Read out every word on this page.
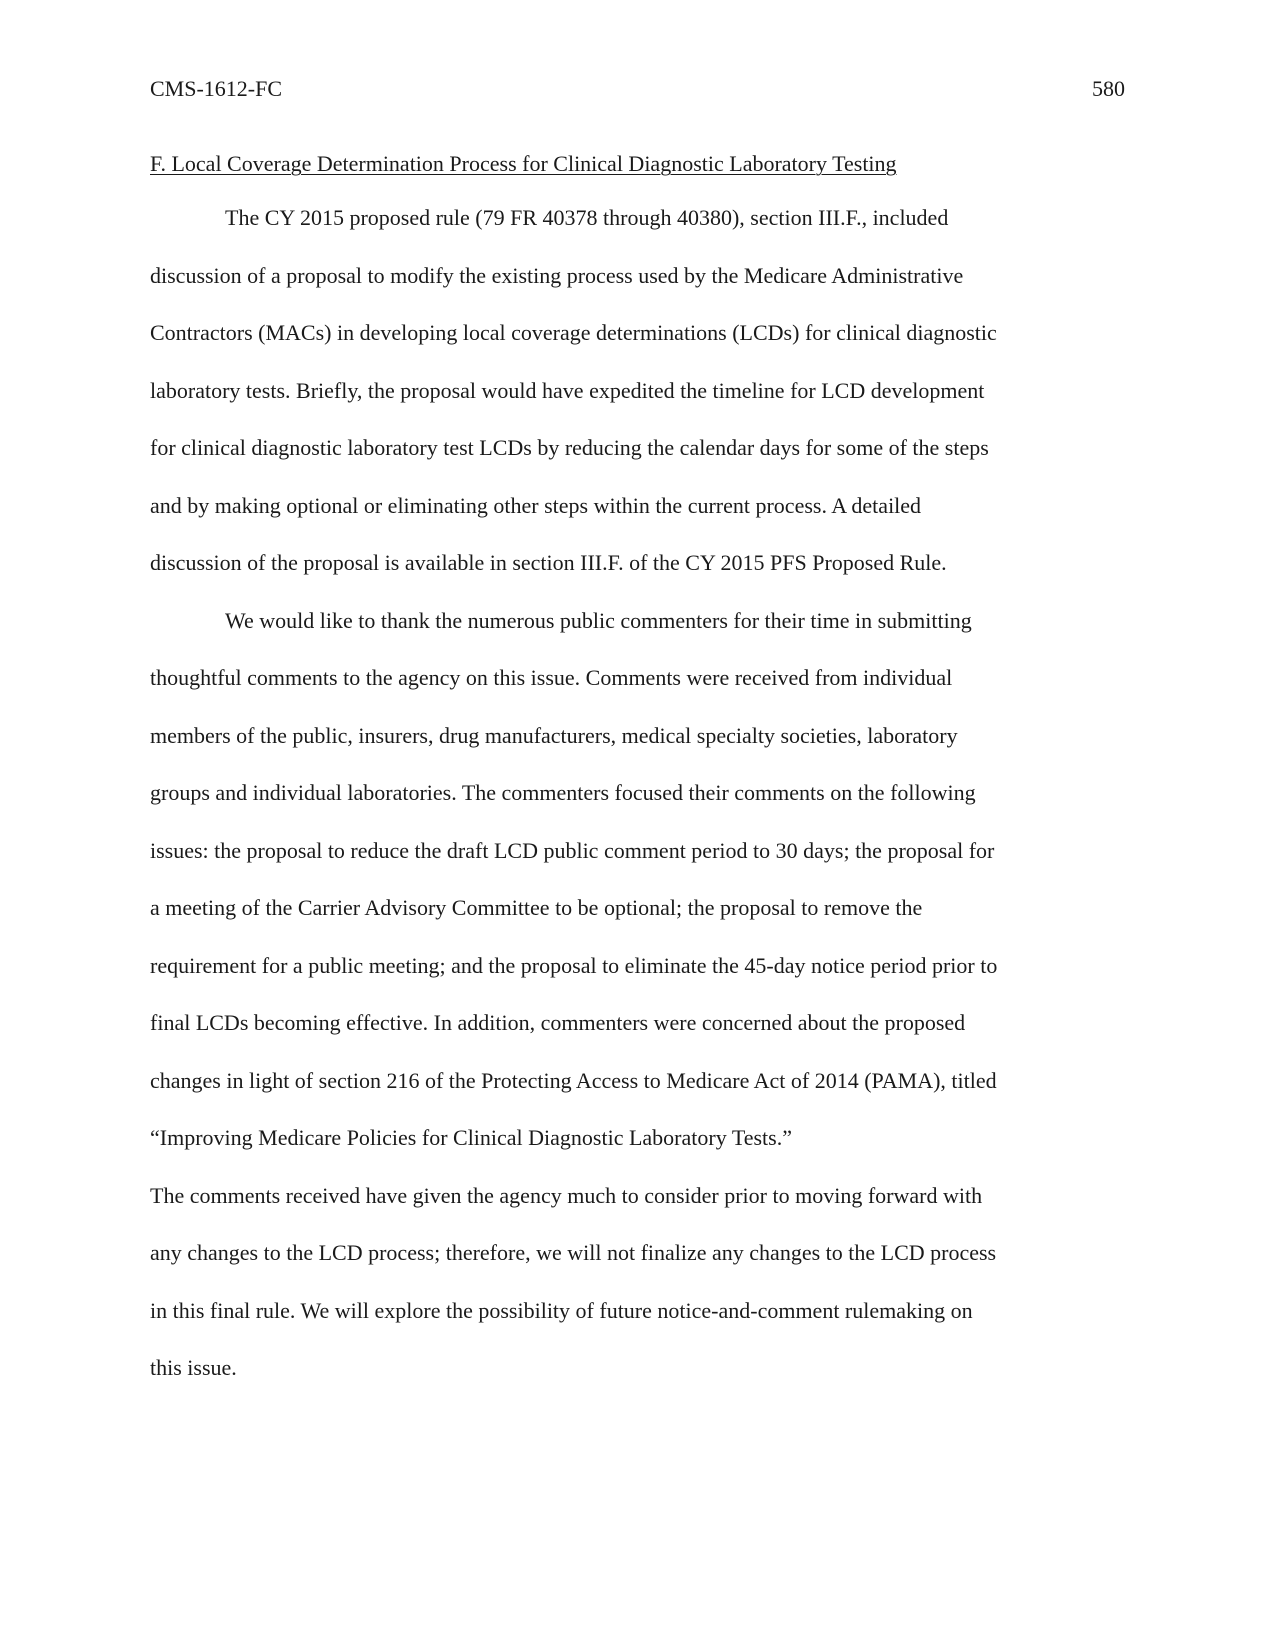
CMS-1612-FC	580
F. Local Coverage Determination Process for Clinical Diagnostic Laboratory Testing
The CY 2015 proposed rule (79 FR 40378 through 40380), section III.F., included
discussion of a proposal to modify the existing process used by the Medicare Administrative
Contractors (MACs) in developing local coverage determinations (LCDs) for clinical diagnostic
laboratory tests. Briefly, the proposal would have expedited the timeline for LCD development
for clinical diagnostic laboratory test LCDs by reducing the calendar days for some of the steps
and by making optional or eliminating other steps within the current process. A detailed
discussion of the proposal is available in section III.F. of the CY 2015 PFS Proposed Rule.
We would like to thank the numerous public commenters for their time in submitting
thoughtful comments to the agency on this issue. Comments were received from individual
members of the public, insurers, drug manufacturers, medical specialty societies, laboratory
groups and individual laboratories. The commenters focused their comments on the following
issues: the proposal to reduce the draft LCD public comment period to 30 days; the proposal for
a meeting of the Carrier Advisory Committee to be optional; the proposal to remove the
requirement for a public meeting; and the proposal to eliminate the 45-day notice period prior to
final LCDs becoming effective. In addition, commenters were concerned about the proposed
changes in light of section 216 of the Protecting Access to Medicare Act of 2014 (PAMA), titled
“Improving Medicare Policies for Clinical Diagnostic Laboratory Tests.”
The comments received have given the agency much to consider prior to moving forward with
any changes to the LCD process; therefore, we will not finalize any changes to the LCD process
in this final rule. We will explore the possibility of future notice-and-comment rulemaking on
this issue.
